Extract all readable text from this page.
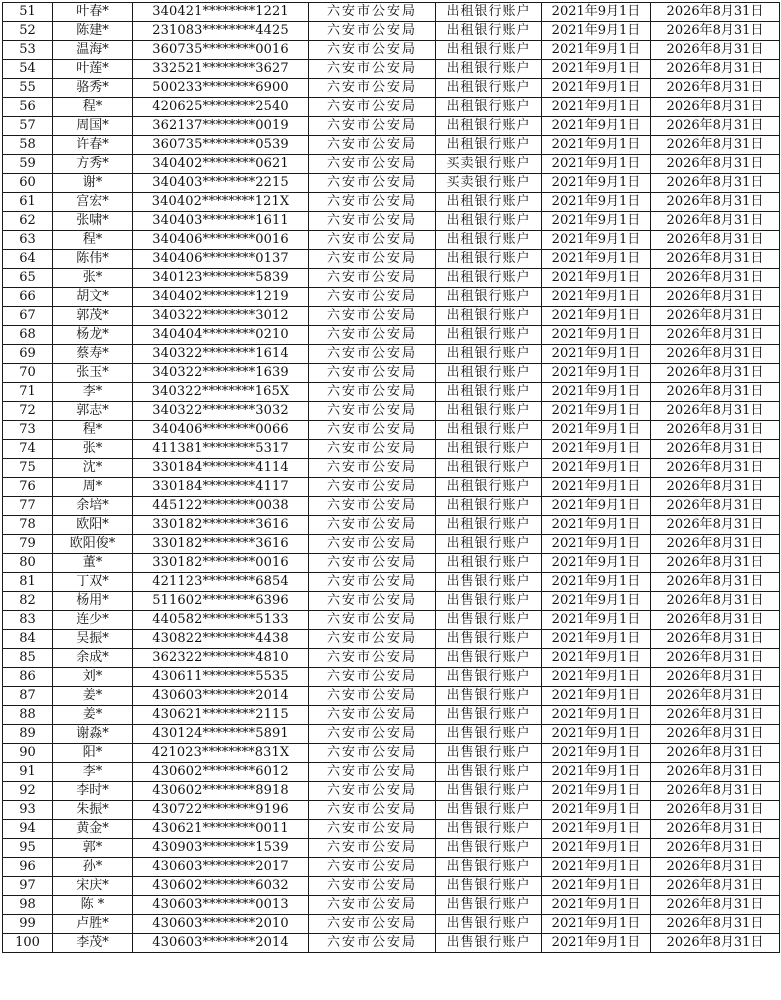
51	叶春*	340421********1221	六安市公安局	出租银行账户	2021年9月1日	2026年8月31日
52	陈建*	231083********4425	六安市公安局	出租银行账户	2021年9月1日	2026年8月31日
53	温海*	360735********0016	六安市公安局	出租银行账户	2021年9月1日	2026年8月31日
54	叶莲*	332521********3627	六安市公安局	出租银行账户	2021年9月1日	2026年8月31日
55	骆秀*	500233********6900	六安市公安局	出租银行账户	2021年9月1日	2026年8月31日
56	程*	420625********2540	六安市公安局	出租银行账户	2021年9月1日	2026年8月31日
57	周国*	362137********0019	六安市公安局	出租银行账户	2021年9月1日	2026年8月31日
58	许春*	360735********0539	六安市公安局	出租银行账户	2021年9月1日	2026年8月31日
59	方秀*	340402********0621	六安市公安局	买卖银行账户	2021年9月1日	2026年8月31日
60	谢*	340403********2215	六安市公安局	买卖银行账户	2021年9月1日	2026年8月31日
61	宫宏*	340402********121X	六安市公安局	出租银行账户	2021年9月1日	2026年8月31日
62	张啸*	340403********1611	六安市公安局	出租银行账户	2021年9月1日	2026年8月31日
63	程*	340406********0016	六安市公安局	出租银行账户	2021年9月1日	2026年8月31日
64	陈伟*	340406********0137	六安市公安局	出租银行账户	2021年9月1日	2026年8月31日
65	张*	340123********5839	六安市公安局	出租银行账户	2021年9月1日	2026年8月31日
66	胡文*	340402********1219	六安市公安局	出租银行账户	2021年9月1日	2026年8月31日
67	郭茂*	340322********3012	六安市公安局	出租银行账户	2021年9月1日	2026年8月31日
68	杨龙*	340404********0210	六安市公安局	出租银行账户	2021年9月1日	2026年8月31日
69	蔡寿*	340322********1614	六安市公安局	出租银行账户	2021年9月1日	2026年8月31日
70	张玉*	340322********1639	六安市公安局	出租银行账户	2021年9月1日	2026年8月31日
71	李*	340322********165X	六安市公安局	出租银行账户	2021年9月1日	2026年8月31日
72	郭志*	340322********3032	六安市公安局	出租银行账户	2021年9月1日	2026年8月31日
73	程*	340406********0066	六安市公安局	出租银行账户	2021年9月1日	2026年8月31日
74	张*	411381********5317	六安市公安局	出租银行账户	2021年9月1日	2026年8月31日
75	沈*	330184********4114	六安市公安局	出租银行账户	2021年9月1日	2026年8月31日
76	周*	330184********4117	六安市公安局	出租银行账户	2021年9月1日	2026年8月31日
77	余培*	445122********0038	六安市公安局	出租银行账户	2021年9月1日	2026年8月31日
78	欧阳*	330182********3616	六安市公安局	出租银行账户	2021年9月1日	2026年8月31日
79	欧阳俊*	330182********3616	六安市公安局	出租银行账户	2021年9月1日	2026年8月31日
80	董*	330182********0016	六安市公安局	出租银行账户	2021年9月1日	2026年8月31日
81	丁双*	421123********6854	六安市公安局	出售银行账户	2021年9月1日	2026年8月31日
82	杨用*	511602********6396	六安市公安局	出售银行账户	2021年9月1日	2026年8月31日
83	连少*	440582********5133	六安市公安局	出售银行账户	2021年9月1日	2026年8月31日
84	吴振*	430822********4438	六安市公安局	出售银行账户	2021年9月1日	2026年8月31日
85	余成*	362322********4810	六安市公安局	出售银行账户	2021年9月1日	2026年8月31日
86	刘*	430611********5535	六安市公安局	出售银行账户	2021年9月1日	2026年8月31日
87	姜*	430603********2014	六安市公安局	出售银行账户	2021年9月1日	2026年8月31日
88	姜*	430621********2115	六安市公安局	出售银行账户	2021年9月1日	2026年8月31日
89	谢淼*	430124********5891	六安市公安局	出售银行账户	2021年9月1日	2026年8月31日
90	阳*	421023********831X	六安市公安局	出售银行账户	2021年9月1日	2026年8月31日
91	李*	430602********6012	六安市公安局	出售银行账户	2021年9月1日	2026年8月31日
92	李时*	430602********8918	六安市公安局	出售银行账户	2021年9月1日	2026年8月31日
93	朱振*	430722********9196	六安市公安局	出售银行账户	2021年9月1日	2026年8月31日
94	黄金*	430621********0011	六安市公安局	出售银行账户	2021年9月1日	2026年8月31日
95	郭*	430903********1539	六安市公安局	出售银行账户	2021年9月1日	2026年8月31日
96	孙*	430603********2017	六安市公安局	出售银行账户	2021年9月1日	2026年8月31日
97	宋庆*	430602********6032	六安市公安局	出售银行账户	2021年9月1日	2026年8月31日
98	陈 *	430603********0013	六安市公安局	出售银行账户	2021年9月1日	2026年8月31日
99	卢胜*	430603********2010	六安市公安局	出售银行账户	2021年9月1日	2026年8月31日
100	李茂*	430603********2014	六安市公安局	出售银行账户	2021年9月1日	2026年8月31日
